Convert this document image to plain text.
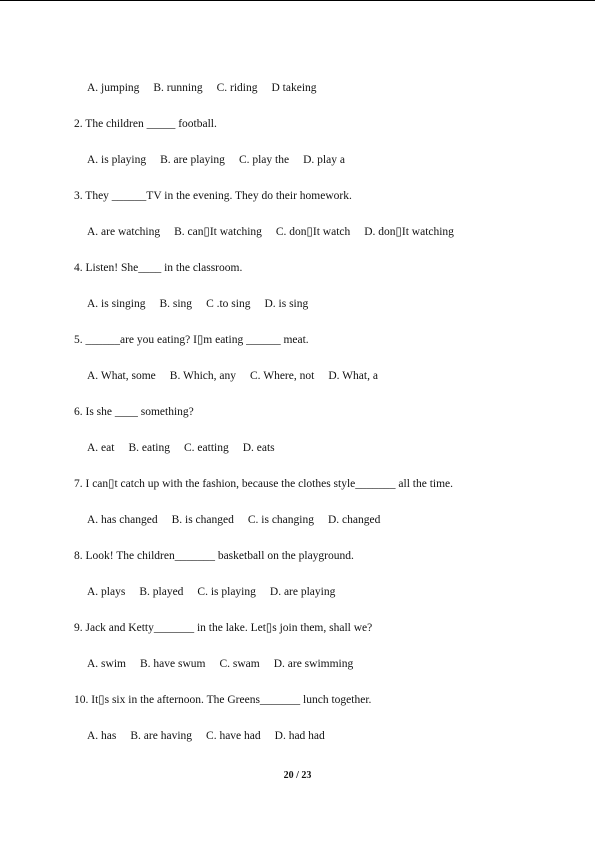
A. jumping B. running C. riding D takeing
2. The children _____ football.
A. is playing B. are playing C. play the D. play a
3. They ______TV in the evening. They do their homework.
A. are watching B. can▯It watching C. don▯It watch D. don▯It watching
4. Listen! She____ in the classroom.
A. is singing B. sing C .to sing D. is sing
5. ______are you eating? I▯m eating ______ meat.
A. What, some B. Which, any C. Where, not D. What, a
6. Is she ____ something?
A. eat B. eating C. eatting D. eats
7. I can▯t catch up with the fashion, because the clothes style_______ all the time.
A. has changed B. is changed C. is changing D. changed
8. Look! The children_______ basketball on the playground.
A. plays B. played C. is playing D. are playing
9. Jack and Ketty_______ in the lake. Let▯s join them, shall we?
A. swim B. have swum C. swam D. are swimming
10. It▯s six in the afternoon. The Greens_______ lunch together.
A. has B. are having C. have had D. had had
20 / 23
